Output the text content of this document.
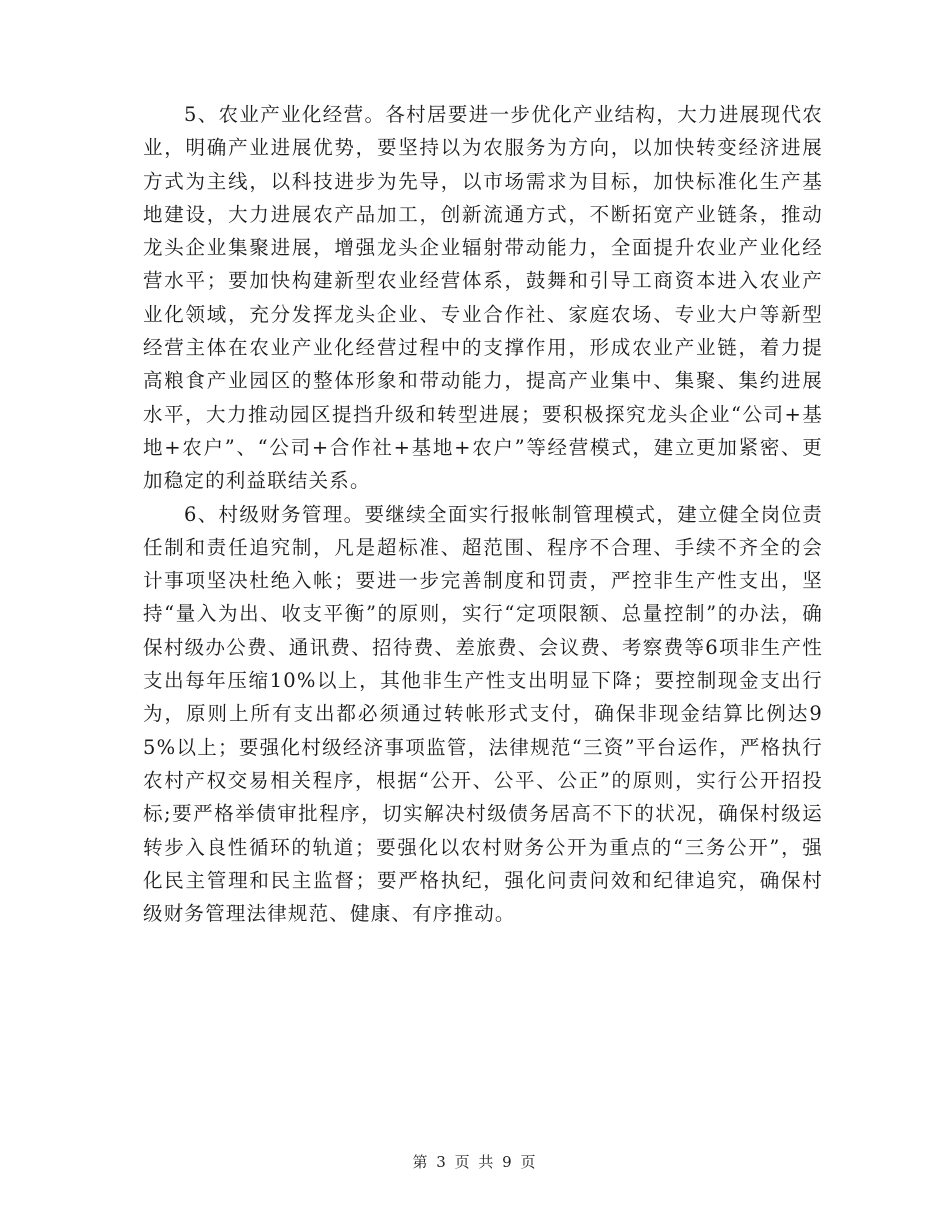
5、农业产业化经营。各村居要进一步优化产业结构，大力进展现代农业，明确产业进展优势，要坚持以为农服务为方向，以加快转变经济进展方式为主线，以科技进步为先导，以市场需求为目标，加快标准化生产基地建设，大力进展农产品加工，创新流通方式，不断拓宽产业链条，推动龙头企业集聚进展，增强龙头企业辐射带动能力，全面提升农业产业化经营水平；要加快构建新型农业经营体系，鼓舞和引导工商资本进入农业产业化领域，充分发挥龙头企业、专业合作社、家庭农场、专业大户等新型经营主体在农业产业化经营过程中的支撑作用，形成农业产业链，着力提高粮食产业园区的整体形象和带动能力，提高产业集中、集聚、集约进展水平，大力推动园区提挡升级和转型进展；要积极探究龙头企业“公司+基地+农户”、“公司+合作社+基地+农户”等经营模式，建立更加紧密、更加稳定的利益联结关系。

6、村级财务管理。要继续全面实行报帐制管理模式，建立健全岗位责任制和责任追究制，凡是超标准、超范围、程序不合理、手续不齐全的会计事项坚决杜绝入帐；要进一步完善制度和罚责，严控非生产性支出，坚持“量入为出、收支平衡”的原则，实行“定项限额、总量控制”的办法，确保村级办公费、通讯费、招待费、差旅费、会议费、考察费等6项非生产性支出每年压缩10%以上，其他非生产性支出明显下降；要控制现金支出行为，原则上所有支出都必须通过转帐形式支付，确保非现金结算比例达95%以上；要强化村级经济事项监管，法律规范“三资”平台运作，严格执行农村产权交易相关程序，根据“公开、公平、公正”的原则，实行公开招投标;要严格举债审批程序，切实解决村级债务居高不下的状况，确保村级运转步入良性循环的轨道；要强化以农村财务公开为重点的“三务公开”，强化民主管理和民主监督；要严格执纪，强化问责问效和纪律追究，确保村级财务管理法律规范、健康、有序推动。

第 3 页 共 9 页
